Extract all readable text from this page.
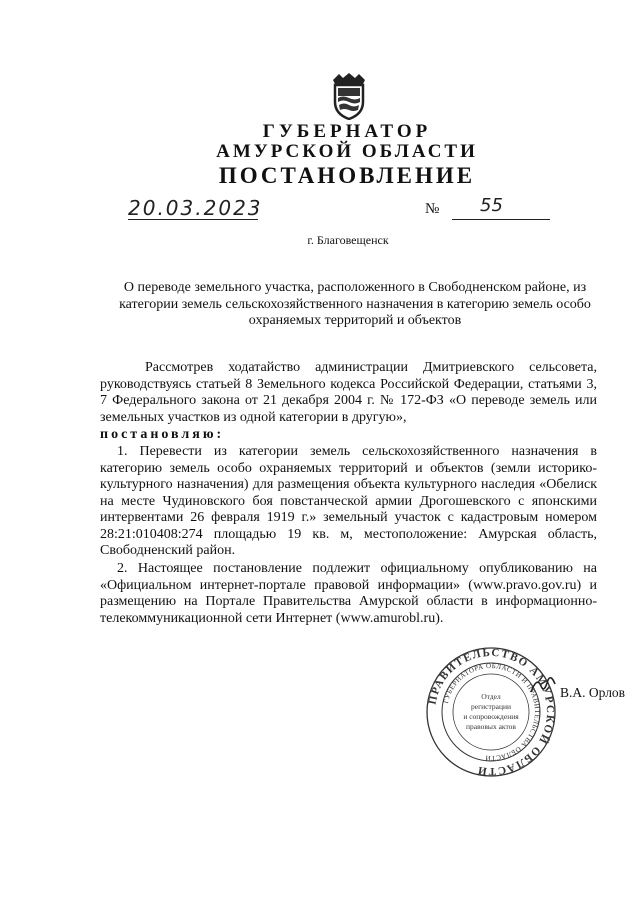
ГУБЕРНАТОР
АМУРСКОЙ ОБЛАСТИ
ПОСТАНОВЛЕНИЕ
20.03.2023	№ 55
г. Благовещенск
О переводе земельного участка, расположенного в Свободненском районе, из категории земель сельскохозяйственного назначения в категорию земель особо охраняемых территорий и объектов
Рассмотрев ходатайство администрации Дмитриевского сельсовета, руководствуясь статьей 8 Земельного кодекса Российской Федерации, статьями 3, 7 Федерального закона от 21 декабря 2004 г. № 172-ФЗ «О переводе земель или земельных участков из одной категории в другую»,
постановляю:
1. Перевести из категории земель сельскохозяйственного назначения в категорию земель особо охраняемых территорий и объектов (земли историко-культурного назначения) для размещения объекта культурного наследия «Обелиск на месте Чудиновского боя повстанческой армии Дрогошевского с японскими интервентами 26 февраля 1919 г.» земельный участок с кадастровым номером 28:21:010408:274 площадью 19 кв. м, местоположение: Амурская область, Свободненский район.
2. Настоящее постановление подлежит официальному опубликованию на «Официальном интернет-портале правовой информации» (www.pravo.gov.ru) и размещению на Портале Правительства Амурской области в информационно-телекоммуникационной сети Интернет (www.amurobl.ru).
ПРАВИТЕЛЬСТВО АМУРСКОЙ ОБЛАСТИ
ГУБЕРНАТОРА ОБЛАСТИ И ПРАВИТЕЛЬСТВА ОБЛАСТИ
Отдел
регистрации
и сопровождения
правовых актов
В.А. Орлов
